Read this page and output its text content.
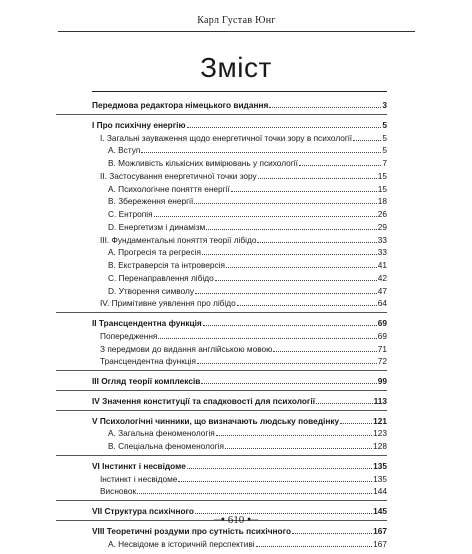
Карл Густав Юнг
Зміст
Передмова редактора німецького видання	3
I Про психічну енергію	5
I. Загальні зауваження щодо енергетичної точки зору в психології	5
A. Вступ	5
B. Можливість кількісних вимірювань у психології	7
II. Застосування енергетичної точки зору	15
A. Психологічне поняття енергії	15
B. Збереження енергії	18
C. Ентропія	26
D. Енергетизм і динамізм	29
III. Фундаментальні поняття теорії лібідо	33
A. Прогресія та регресія	33
B. Екстраверсія та інтроверсія	41
C. Перенаправлення лібідо	42
D. Утворення символу	47
IV. Примітивне уявлення про лібідо	64
II Трансцендентна функція	69
Попередження	69
З передмови до видання англійською мовою	71
Трансцендентна функція	72
III Огляд теорії комплексів	99
IV Значення конституції та спадковості для психології	113
V Психологічні чинники, що визначають людську поведінку	121
A. Загальна феноменологія	123
B. Спеціальна феноменологія	128
VI Інстинкт і несвідоме	135
Інстинкт і несвідоме	135
Висновок	144
VII Структура психічного	145
VIII Теоретичні роздуми про сутність психічного	167
A. Несвідоме в історичній перспективі	167
—● 610 ●—
